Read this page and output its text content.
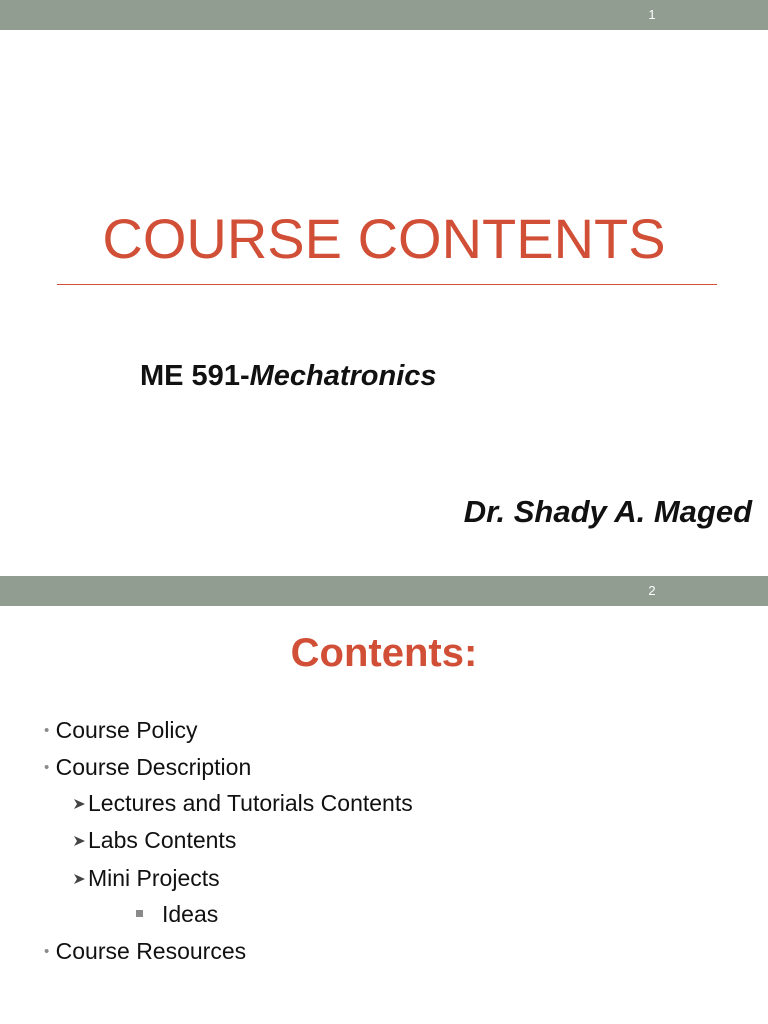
1
COURSE CONTENTS
ME 591-Mechatronics
Dr. Shady A. Maged
2
Contents:
• Course Policy
• Course Description
Lectures and Tutorials Contents
Labs Contents
Mini Projects
Ideas
• Course Resources
